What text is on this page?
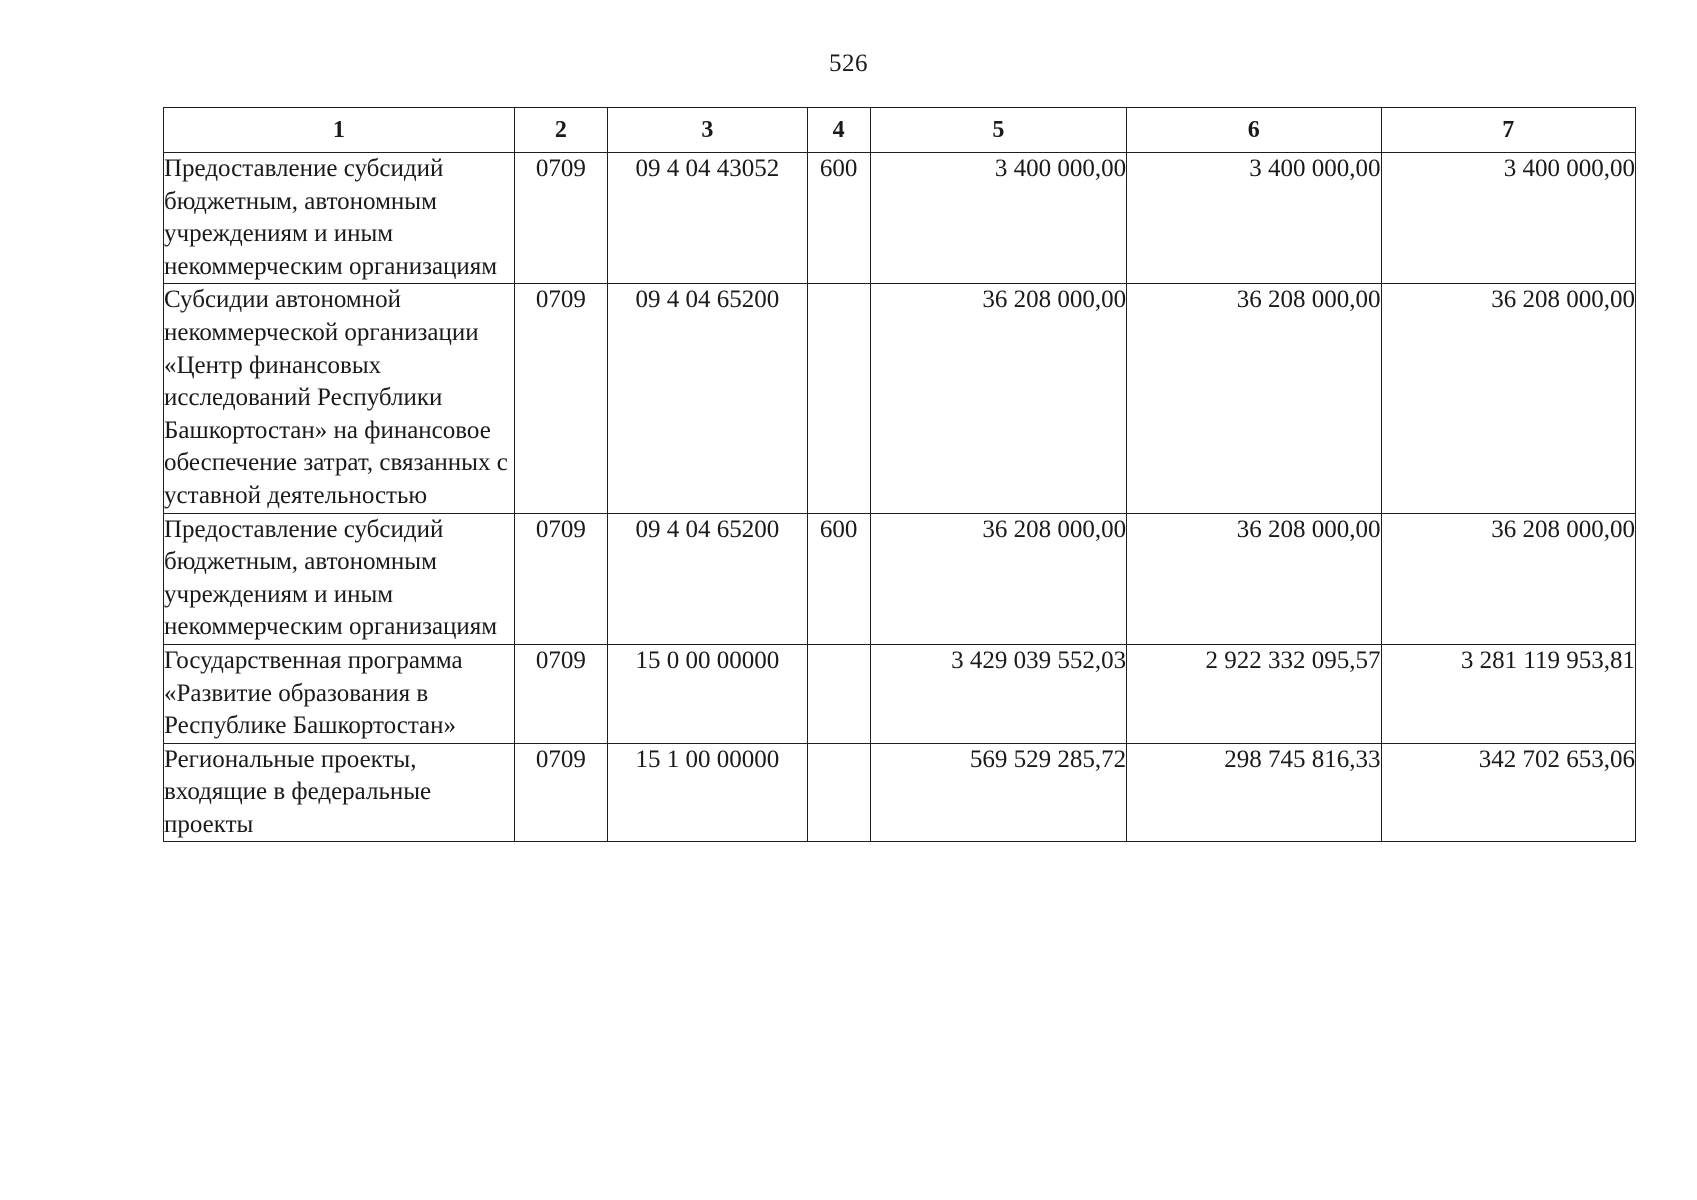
526
1	2	3	4	5	6	7
Предоставление субсидий бюджетным, автономным учреждениям и иным некоммерческим организациям	0709	09 4 04 43052	600	3 400 000,00	3 400 000,00	3 400 000,00
Субсидии автономной некоммерческой организации «Центр финансовых исследований Республики Башкортостан» на финансовое обеспечение затрат, связанных с уставной деятельностью	0709	09 4 04 65200		36 208 000,00	36 208 000,00	36 208 000,00
Предоставление субсидий бюджетным, автономным учреждениям и иным некоммерческим организациям	0709	09 4 04 65200	600	36 208 000,00	36 208 000,00	36 208 000,00
Государственная программа «Развитие образования в Республике Башкортостан»	0709	15 0 00 00000		3 429 039 552,03	2 922 332 095,57	3 281 119 953,81
Региональные проекты, входящие в федеральные проекты	0709	15 1 00 00000		569 529 285,72	298 745 816,33	342 702 653,06
